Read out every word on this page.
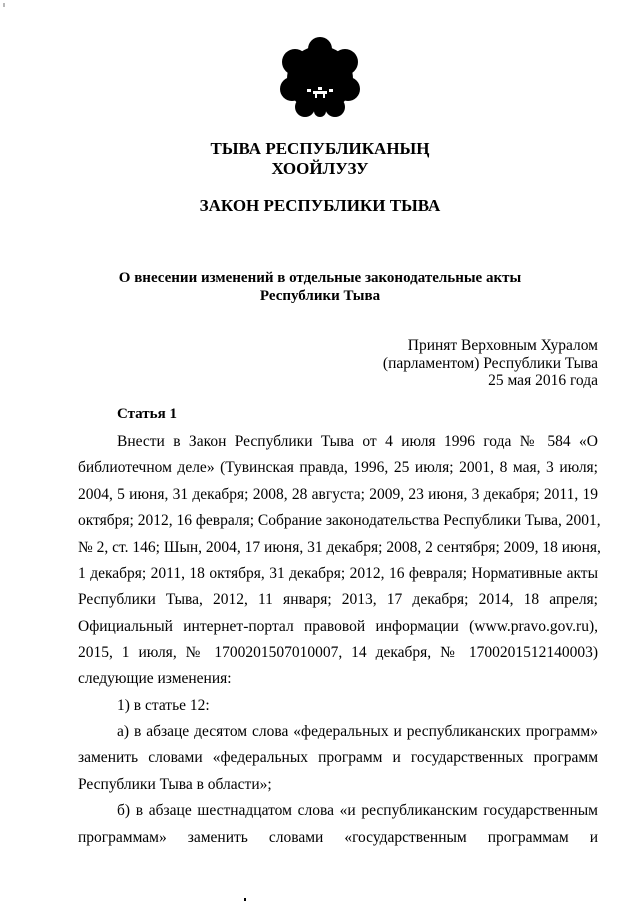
ТЫВА РЕСПУБЛИКАНЫҢ
ХООЙЛУЗУ
ЗАКОН РЕСПУБЛИКИ ТЫВА
О внесении изменений в отдельные законодательные акты
Республики Тыва
Принят Верховным Хуралом
(парламентом) Республики Тыва
25 мая 2016 года
Статья 1
Внести в Закон Республики Тыва от 4 июля 1996 года № 584 «О
библиотечном деле» (Тувинская правда, 1996, 25 июля; 2001, 8 мая, 3 июля;
2004, 5 июня, 31 декабря; 2008, 28 августа; 2009, 23 июня, 3 декабря; 2011, 19
октября; 2012, 16 февраля; Собрание законодательства Республики Тыва, 2001,
№ 2, ст. 146; Шын, 2004, 17 июня, 31 декабря; 2008, 2 сентября; 2009, 18 июня,
1 декабря; 2011, 18 октября, 31 декабря; 2012, 16 февраля; Нормативные акты
Республики Тыва, 2012, 11 января; 2013, 17 декабря; 2014, 18 апреля;
Официальный интернет-портал правовой информации (www.pravo.gov.ru),
2015, 1 июля, № 1700201507010007, 14 декабря, № 1700201512140003)
следующие изменения:
1) в статье 12:
а) в абзаце десятом слова «федеральных и республиканских программ»
заменить словами «федеральных программ и государственных программ
Республики Тыва в области»;
б) в абзаце шестнадцатом слова «и республиканским государственным
программам» заменить словами «государственным программам и
